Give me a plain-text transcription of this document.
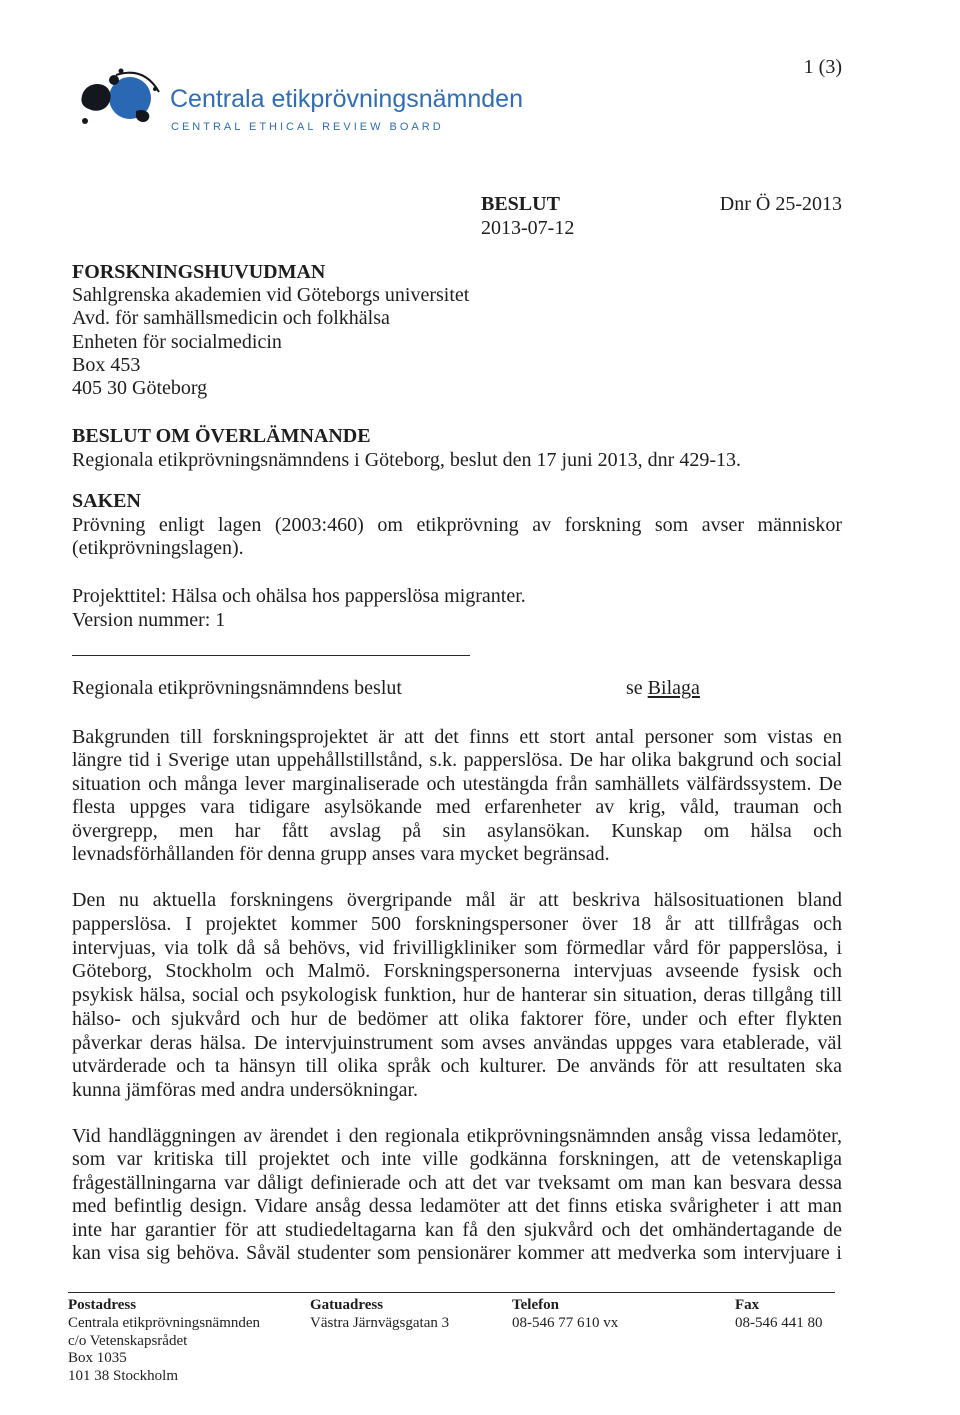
1 (3)
Centrala etikprövningsnämnden
CENTRAL ETHICAL REVIEW BOARD
BESLUT
2013-07-12
Dnr Ö 25-2013
FORSKNINGSHUVUDMAN
Sahlgrenska akademien vid Göteborgs universitet
Avd. för samhällsmedicin och folkhälsa
Enheten för socialmedicin
Box 453
405 30 Göteborg
BESLUT OM ÖVERLÄMNANDE
Regionala etikprövningsnämndens i Göteborg, beslut den 17 juni 2013, dnr 429-13.
SAKEN
Prövning enligt lagen (2003:460) om etikprövning av forskning som avser människor
(etikprövningslagen).
Projekttitel: Hälsa och ohälsa hos papperslösa migranter.
Version nummer: 1
Regionala etikprövningsnämndens beslut	se Bilaga
Bakgrunden till forskningsprojektet är att det finns ett stort antal personer som vistas en
längre tid i Sverige utan uppehållstillstånd, s.k. papperslösa. De har olika bakgrund och social
situation och många lever marginaliserade och utestängda från samhällets välfärdssystem. De
flesta uppges vara tidigare asylsökande med erfarenheter av krig, våld, trauman och
övergrepp, men har fått avslag på sin asylansökan. Kunskap om hälsa och
levnadsförhållanden för denna grupp anses vara mycket begränsad.
Den nu aktuella forskningens övergripande mål är att beskriva hälsosituationen bland
papperslösa. I projektet kommer 500 forskningspersoner över 18 år att tillfrågas och
intervjuas, via tolk då så behövs, vid frivilligkliniker som förmedlar vård för papperslösa, i
Göteborg, Stockholm och Malmö. Forskningspersonerna intervjuas avseende fysisk och
psykisk hälsa, social och psykologisk funktion, hur de hanterar sin situation, deras tillgång till
hälso- och sjukvård och hur de bedömer att olika faktorer före, under och efter flykten
påverkar deras hälsa. De intervjuinstrument som avses användas uppges vara etablerade, väl
utvärderade och ta hänsyn till olika språk och kulturer. De används för att resultaten ska
kunna jämföras med andra undersökningar.
Vid handläggningen av ärendet i den regionala etikprövningsnämnden ansåg vissa ledamöter,
som var kritiska till projektet och inte ville godkänna forskningen, att de vetenskapliga
frågeställningarna var dåligt definierade och att det var tveksamt om man kan besvara dessa
med befintlig design. Vidare ansåg dessa ledamöter att det finns etiska svårigheter i att man
inte har garantier för att studiedeltagarna kan få den sjukvård och det omhändertagande de
kan visa sig behöva. Såväl studenter som pensionärer kommer att medverka som intervjuare i
Postadress
Centrala etikprövningsnämnden
c/o Vetenskapsrådet
Box 1035
101 38 Stockholm
Gatuadress
Västra Järnvägsgatan 3
Telefon
08-546 77 610 vx
Fax
08-546 441 80
